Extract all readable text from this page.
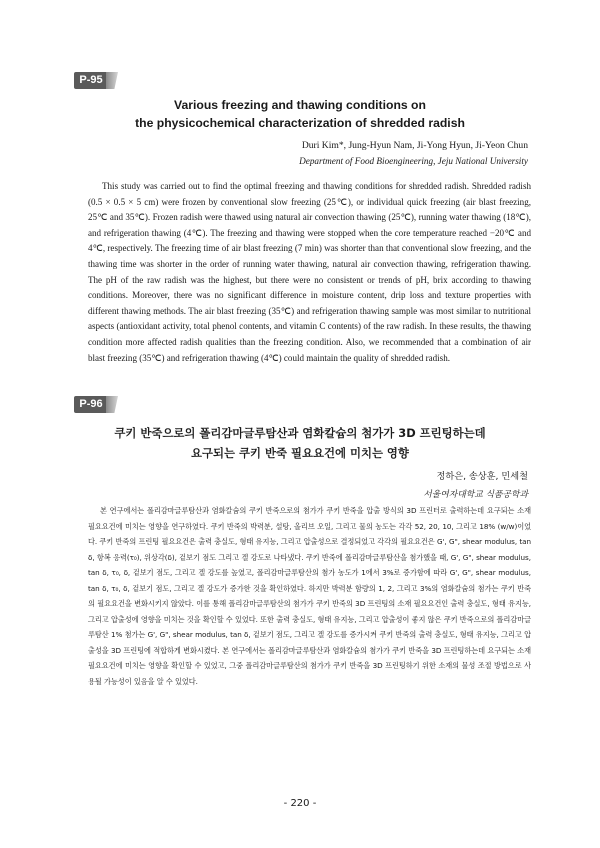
P-95
Various freezing and thawing conditions on
the physicochemical characterization of shredded radish
Duri Kim*, Jung-Hyun Nam, Ji-Yong Hyun, Ji-Yeon Chun
Department of Food Bioengineering, Jeju National University

This study was carried out to find the optimal freezing and thawing conditions for shredded radish. Shredded radish (0.5 × 0.5 × 5 cm) were frozen by conventional slow freezing (25℃), or individual quick freezing (air blast freezing, 25℃ and 35℃). Frozen radish were thawed using natural air convection thawing (25℃), running water thawing (18℃), and refrigeration thawing (4℃). The freezing and thawing were stopped when the core temperature reached −20℃ and 4℃, respectively. The freezing time of air blast freezing (7 min) was shorter than that conventional slow freezing, and the thawing time was shorter in the order of running water thawing, natural air convection thawing, refrigeration thawing. The pH of the raw radish was the highest, but there were no consistent or trends of pH, brix according to thawing conditions. Moreover, there was no significant difference in moisture content, drip loss and texture properties with different thawing methods. The air blast freezing (35℃) and refrigeration thawing sample was most similar to nutritional aspects (antioxidant activity, total phenol contents, and vitamin C contents) of the raw radish. In these results, the thawing condition more affected radish qualities than the freezing condition. Also, we recommended that a combination of air blast freezing (35℃) and refrigeration thawing (4℃) could maintain the quality of shredded radish.

P-96
쿠키 반죽으로의 폴리감마글루탐산과 염화칼슘의 첨가가 3D 프린팅하는데
요구되는 쿠키 반죽 필요요건에 미치는 영향
정하은, 송상훈, 민세철
서울여자대학교 식품공학과

본 연구에서는 폴리감마글루탐산과 염화칼슘의 쿠키 반죽으로의 첨가가 쿠키 반죽을 압출 방식의 3D 프린터로 출력하는데 요구되는 소재 필요요건에 미치는 영향을 연구하였다. 쿠키 반죽의 박력분, 설탕, 올리브 오일, 그리고 물의 농도는 각각 52, 20, 10, 그리고 18% (w/w)이었다. 쿠키 반죽의 프린팅 필요요건은 출력 충실도, 형태 유지능, 그리고 압출성으로 결정되었고 각각의 필요요건은 G', G", shear modulus, tan δ, 항복 응력(τ₀), 위상각(δ), 겉보기 점도 그리고 겔 강도로 나타냈다. 쿠키 반죽에 폴리감마글루탐산을 첨가했을 때, G', G", shear modulus, tan δ, τ₀, δ, 겉보기 점도, 그리고 겔 강도를 높였고, 폴리감마글루탐산의 첨가 농도가 1에서 3%로 증가함에 따라 G', G", shear modulus, tan δ, τ₀, δ, 겉보기 점도, 그리고 겔 강도가 증가한 것을 확인하였다. 하지만 박력분 함량의 1, 2, 그리고 3%의 염화칼슘의 첨가는 쿠키 반죽의 필요요건을 변화시키지 않았다. 이를 통해 폴리감마글루탐산의 첨가가 쿠키 반죽의 3D 프린팅의 소재 필요요건인 출력 충실도, 형태 유지능, 그리고 압출성에 영향을 미치는 것을 확인할 수 있었다. 또한 출력 충실도, 형태 유지능, 그리고 압출성이 좋지 않은 쿠키 반죽으로의 폴리감마글루탐산 1% 첨가는 G', G", shear modulus, tan δ, 겉보기 점도, 그리고 겔 강도를 증가시켜 쿠키 반죽의 출력 충실도, 형태 유지능, 그리고 압출성을 3D 프린팅에 적합하게 변화시켰다. 본 연구에서는 폴리감마글루탐산과 염화칼슘의 첨가가 쿠키 반죽을 3D 프린팅하는데 요구되는 소재 필요요건에 미치는 영향을 확인할 수 있었고, 그중 폴리감마글루탐산의 첨가가 쿠키 반죽을 3D 프린팅하기 위한 소재의 물성 조절 방법으로 사용될 가능성이 있음을 알 수 있었다.

- 220 -
